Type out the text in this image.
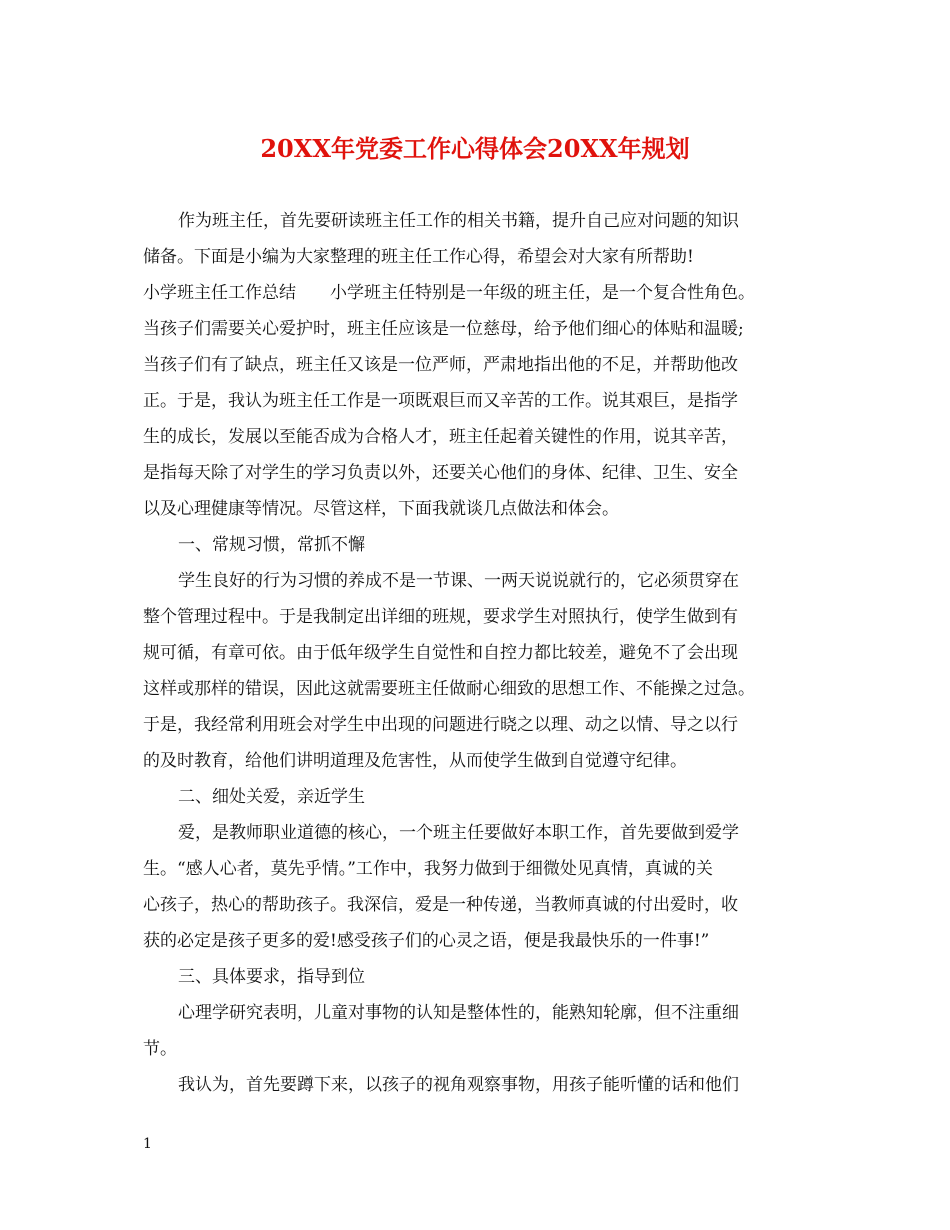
20XX年党委工作心得体会20XX年规划
作为班主任，首先要研读班主任工作的相关书籍，提升自己应对问题的知识
储备。下面是小编为大家整理的班主任工作心得，希望会对大家有所帮助!
小学班主任工作总结　　小学班主任特别是一年级的班主任，是一个复合性角色。
当孩子们需要关心爱护时，班主任应该是一位慈母，给予他们细心的体贴和温暖;
当孩子们有了缺点，班主任又该是一位严师，严肃地指出他的不足，并帮助他改
正。于是，我认为班主任工作是一项既艰巨而又辛苦的工作。说其艰巨，是指学
生的成长，发展以至能否成为合格人才，班主任起着关键性的作用，说其辛苦，
是指每天除了对学生的学习负责以外，还要关心他们的身体、纪律、卫生、安全
以及心理健康等情况。尽管这样，下面我就谈几点做法和体会。
一、常规习惯，常抓不懈
学生良好的行为习惯的养成不是一节课、一两天说说就行的，它必须贯穿在
整个管理过程中。于是我制定出详细的班规，要求学生对照执行，使学生做到有
规可循，有章可依。由于低年级学生自觉性和自控力都比较差，避免不了会出现
这样或那样的错误，因此这就需要班主任做耐心细致的思想工作、不能操之过急。
于是，我经常利用班会对学生中出现的问题进行晓之以理、动之以情、导之以行
的及时教育，给他们讲明道理及危害性，从而使学生做到自觉遵守纪律。
二、细处关爱，亲近学生
爱，是教师职业道德的核心，一个班主任要做好本职工作，首先要做到爱学
生。“感人心者，莫先乎情。”工作中，我努力做到于细微处见真情，真诚的关
心孩子，热心的帮助孩子。我深信，爱是一种传递，当教师真诚的付出爱时，收
获的必定是孩子更多的爱!感受孩子们的心灵之语，便是我最快乐的一件事!”
三、具体要求，指导到位
心理学研究表明，儿童对事物的认知是整体性的，能熟知轮廓，但不注重细
节。
我认为，首先要蹲下来，以孩子的视角观察事物，用孩子能听懂的话和他们
1
